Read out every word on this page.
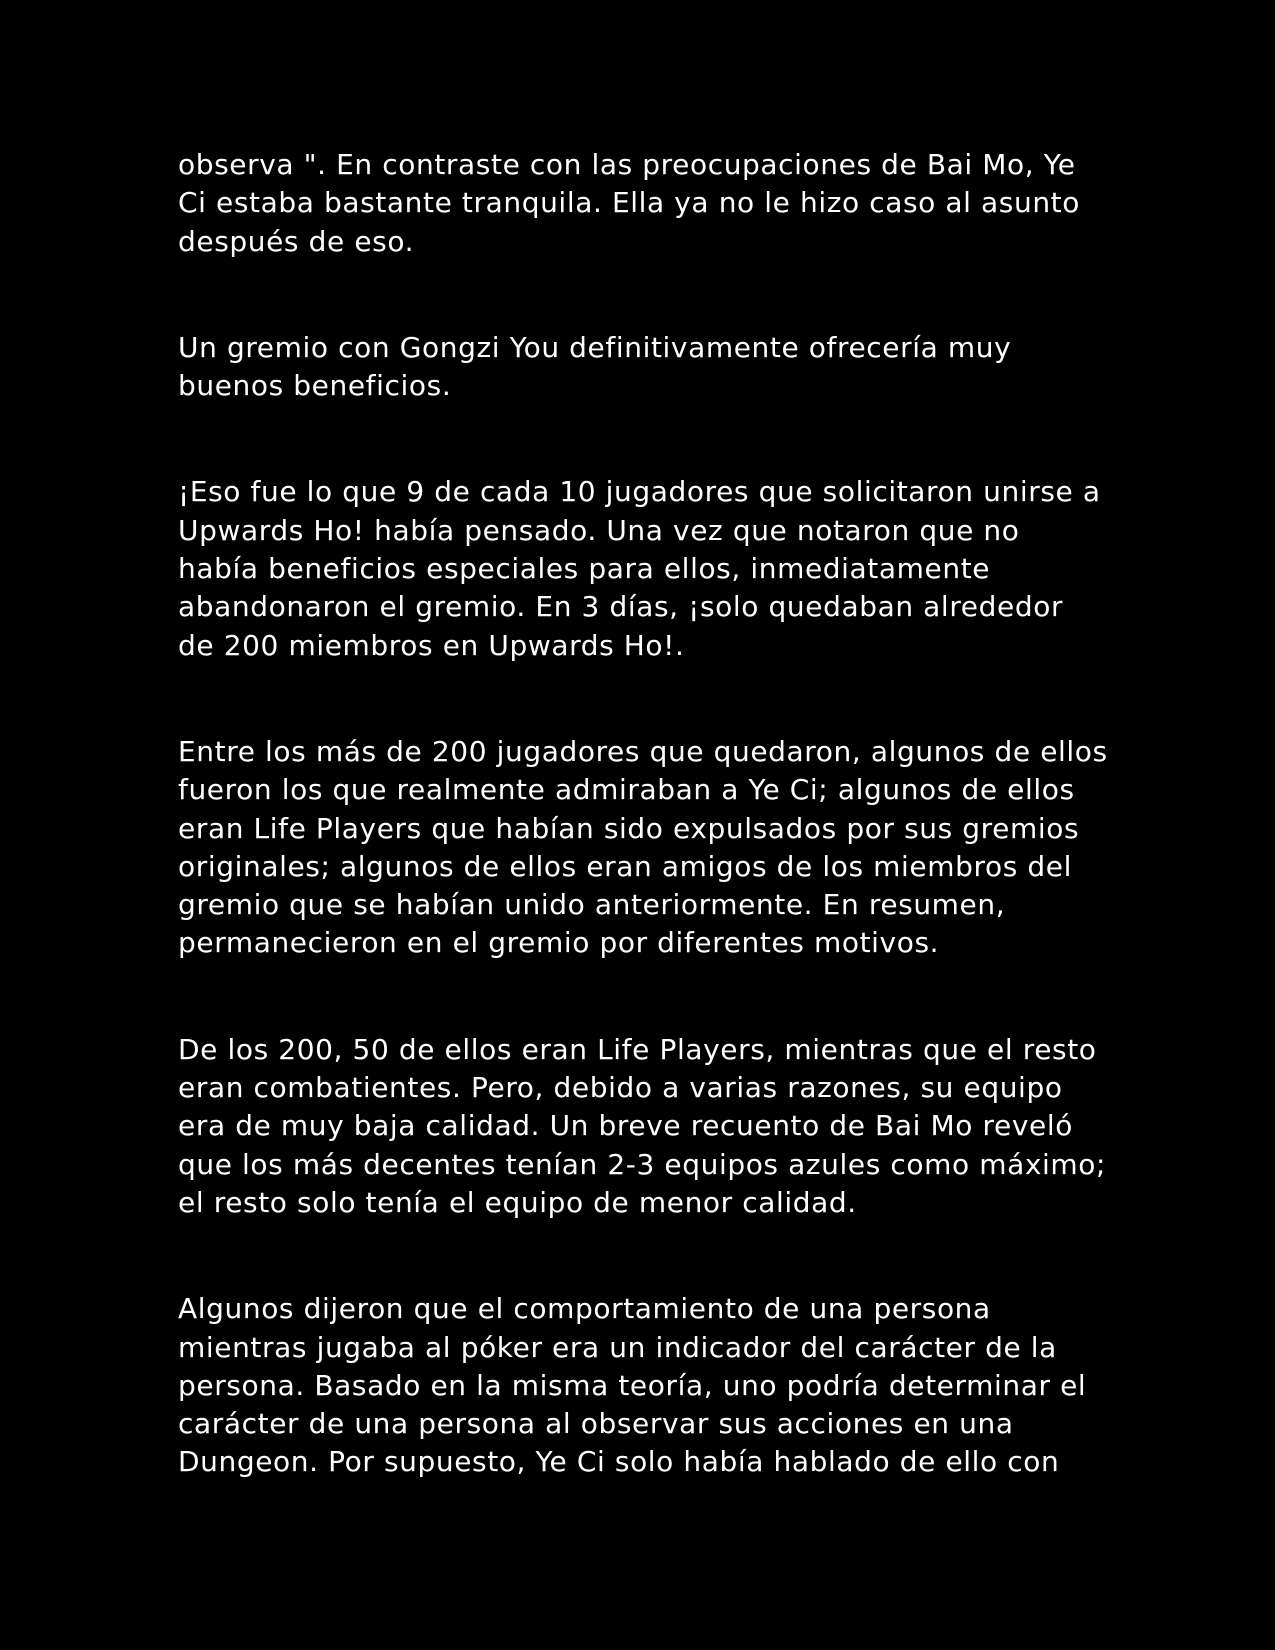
observa ". En contraste con las preocupaciones de Bai Mo, Ye Ci estaba bastante tranquila. Ella ya no le hizo caso al asunto después de eso.

Un gremio con Gongzi You definitivamente ofrecería muy buenos beneficios.

¡Eso fue lo que 9 de cada 10 jugadores que solicitaron unirse a Upwards Ho! había pensado. Una vez que notaron que no había beneficios especiales para ellos, inmediatamente abandonaron el gremio. En 3 días, ¡solo quedaban alrededor de 200 miembros en Upwards Ho!.

Entre los más de 200 jugadores que quedaron, algunos de ellos fueron los que realmente admiraban a Ye Ci; algunos de ellos eran Life Players que habían sido expulsados por sus gremios originales; algunos de ellos eran amigos de los miembros del gremio que se habían unido anteriormente. En resumen, permanecieron en el gremio por diferentes motivos.

De los 200, 50 de ellos eran Life Players, mientras que el resto eran combatientes. Pero, debido a varias razones, su equipo era de muy baja calidad. Un breve recuento de Bai Mo reveló que los más decentes tenían 2-3 equipos azules como máximo; el resto solo tenía el equipo de menor calidad.

Algunos dijeron que el comportamiento de una persona mientras jugaba al póker era un indicador del carácter de la persona. Basado en la misma teoría, uno podría determinar el carácter de una persona al observar sus acciones en una Dungeon. Por supuesto, Ye Ci solo había hablado de ello con
